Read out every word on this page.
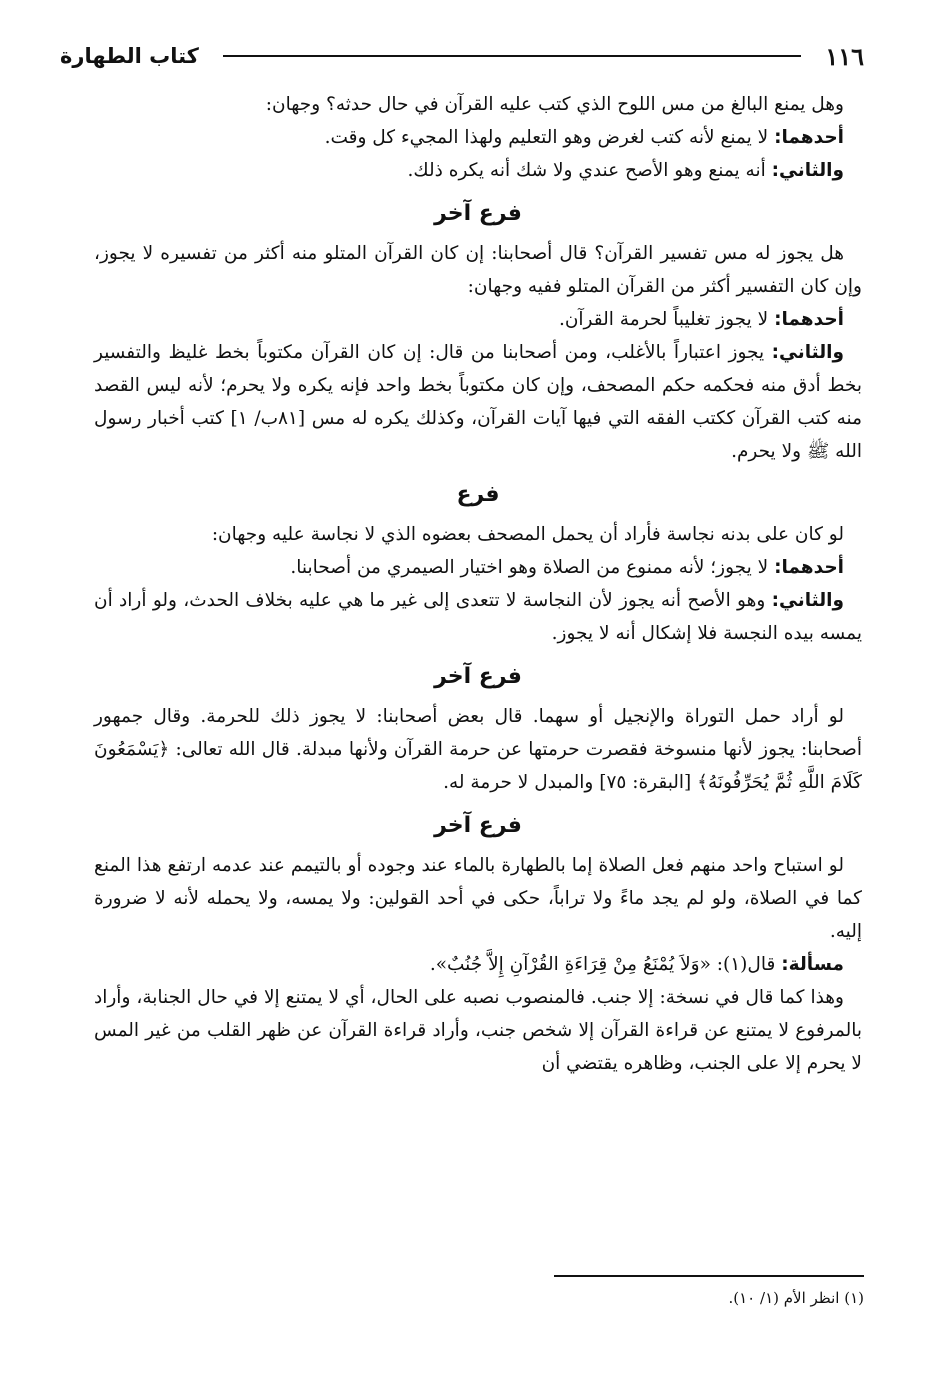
١١٦
كتاب الطهارة

وهل يمنع البالغ من مس اللوح الذي كتب عليه القرآن في حال حدثه؟ وجهان:

أحدهما: لا يمنع لأنه كتب لغرض وهو التعليم ولهذا المجيء كل وقت.

والثاني: أنه يمنع وهو الأصح عندي ولا شك أنه يكره ذلك.

فرع آخر

هل يجوز له مس تفسير القرآن؟ قال أصحابنا: إن كان القرآن المتلو منه أكثر من تفسيره لا يجوز، وإن كان التفسير أكثر من القرآن المتلو ففيه وجهان:

أحدهما: لا يجوز تغليباً لحرمة القرآن.

والثاني: يجوز اعتباراً بالأغلب، ومن أصحابنا من قال: إن كان القرآن مكتوباً بخط غليظ والتفسير بخط أدق منه فحكمه حكم المصحف، وإن كان مكتوباً بخط واحد فإنه يكره ولا يحرم؛ لأنه ليس القصد منه كتب القرآن ككتب الفقه التي فيها آيات القرآن، وكذلك يكره له مس [٨١ب/ ١] كتب أخبار رسول الله ﷺ ولا يحرم.

فرع

لو كان على بدنه نجاسة فأراد أن يحمل المصحف بعضوه الذي لا نجاسة عليه وجهان:

أحدهما: لا يجوز؛ لأنه ممنوع من الصلاة وهو اختيار الصيمري من أصحابنا.

والثاني: وهو الأصح أنه يجوز لأن النجاسة لا تتعدى إلى غير ما هي عليه بخلاف الحدث، ولو أراد أن يمسه بيده النجسة فلا إشكال أنه لا يجوز.

فرع آخر

لو أراد حمل التوراة والإنجيل أو سهما. قال بعض أصحابنا: لا يجوز ذلك للحرمة. وقال جمهور أصحابنا: يجوز لأنها منسوخة فقصرت حرمتها عن حرمة القرآن ولأنها مبدلة. قال الله تعالى: ﴿يَسْمَعُونَ كَلَامَ اللَّهِ ثُمَّ يُحَرِّفُونَهُ﴾ [البقرة: ٧٥] والمبدل لا حرمة له.

فرع آخر

لو استباح واحد منهم فعل الصلاة إما بالطهارة بالماء عند وجوده أو بالتيمم عند عدمه ارتفع هذا المنع كما في الصلاة، ولو لم يجد ماءً ولا تراباً، حكى في أحد القولين: ولا يمسه، ولا يحمله لأنه لا ضرورة إليه.

مسألة: قال(١): «وَلاَ يُمْنَعُ مِنْ قِرَاءَةِ القُرْآنِ إِلاَّ جُنُبٌ».

وهذا كما قال في نسخة: إلا جنب. فالمنصوب نصبه على الحال، أي لا يمتنع إلا في حال الجنابة، وأراد بالمرفوع لا يمتنع عن قراءة القرآن إلا شخص جنب، وأراد قراءة القرآن عن ظهر القلب من غير المس لا يحرم إلا على الجنب، وظاهره يقتضي أن

(١) انظر الأم (١/ ١٠).
